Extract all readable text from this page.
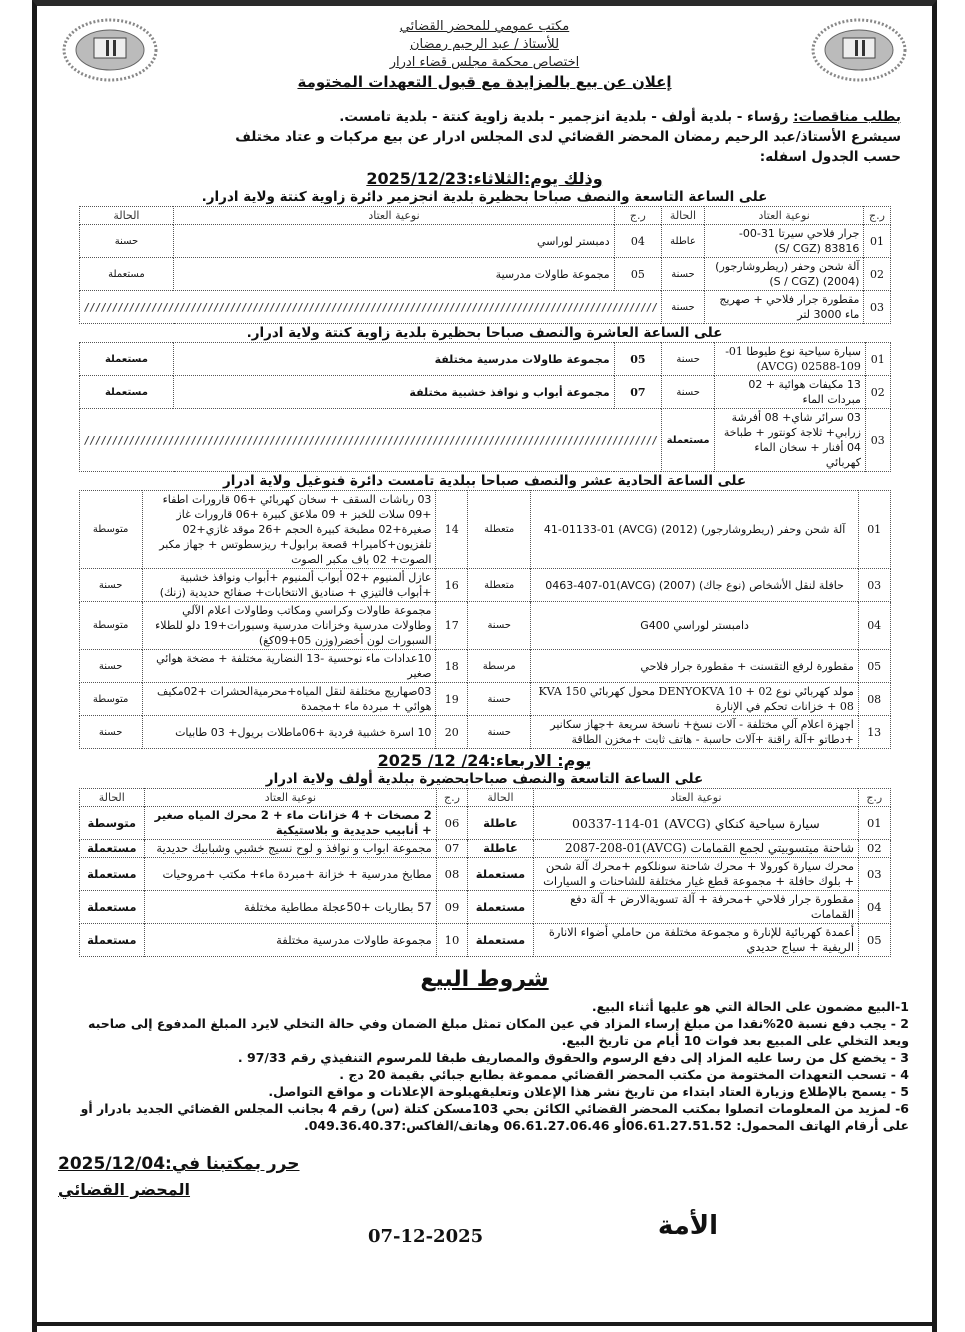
مكتب عمومي للمحضر القضائي
للأستاذ / عبد الرحيم رمضان
اختصاص محكمة مجلس قضاء ادرار
إعلان عن بيع بالمزايدة مع قبول التعهدات المختومة
بطلب مناقصات: رؤساء - بلدية أولف - بلدية انزجمير - بلدية زاوية كنتة - بلدية تامست.
سيشرع الأستاذ/عبد الرحيم رمضان المحضر القضائي لدى المجلس ادرار عن بيع مركبات و عتاد مختلف
حسب الجدول اسفله:
وذلك يوم:الثلاثاء:2025/12/23
على الساعة التاسعة والنصف صباحا بحظيرة بلدية انجزمير دائرة زاوية كنتة ولاية ادرار.
ر.ج	نوعية العتاد	الحالة	ر.ج	نوعية العتاد	الحالة
01	جرار فلاحي سيرتا 31-00-83816 (S/ CGZ)	عاطلة	04	دمبستر لوراسي	حسنة
02	آلة شحن وحفر (ريطروشارجور) (2004) (S / CGZ)	حسنة	05	مجموعة طاولات مدرسية	مستعملة
03	مقطورة جرار فلاحي + صهريج ماء 3000 لتر	حسنة	//////////////////////////////////////////////////////////////////////////////////////////////////////		
على الساعة العاشرة والنصف صباحا بحظيرة بلدية زاوية كنتة ولاية ادرار.
01	سيارة سياحية نوع طيوطا 01-109-02588 (AVCG)	حسنة	05	مجموعة طاولات مدرسية مختلفة	مستعملة
02	13 مكيفات هوائية + 02 مبردات الماء	حسنة	07	مجموعة أبواب و نوافذ خشبية مختلفة	مستعملة
03	03 سرائر شاي+ 08 أفرشة زرابي+ ثلاجة كونتور + طباخة 04 أفنار + سخان الماء كهربائي	مستعملة	//////////////////////////////////////////////////////////////////////////////////////////////////////		
على الساعة الحادية عشر والنصف صباحا ببلدية تامست دائرة فنوغيل ولاية ادرار
01	آلة شحن وحفر (ريطروشارجور) (2012) (AVCG) 41-01133-01	متعطلة	14	03 رباشات السقف + سخان كهربائي +06 قارورات اطفاء +09 سلات للخبز + 09 ملاعق كبيرة +06 قارورات غاز صغيرة+02 مطبخة كبيرة الحجم +26 موقد غازي+02 تلفزيون+كاميرا+ قصعة برابول+ ريزسطوتس + جهاز مكبر الصوت+ 02 باف مكبر الصوت	متوسطة
03	حافلة لنقل الأشخاص (نوع جاك) (2007) (AVCG)0463-407-01	متعطلة	16	عازل ألمنيوم +02 أبواب ألمنيوم +أبواب ونوافذ خشبية +أبواب فالتيزي + صناديق الانتخابات+ صفائح حديدية (زنك)	حسنة
04	دامبستر لوراسي G400	حسنة	17	مجموعة طاولات وكراسي ومكاتب وطاولات اعلام الآلي وطاولات مدرسية وخزانات مدرسية وسبورات+19 دلو للطلاء السبورات لون أخضر(وزن 05+09كغ)	متوسطة
05	مقطورة لرفع التقسنت + مقطورة جرار فلاحي	مرسطة	18	10عدادات ماء نوحسية -13 النضارية مختلفة + مضخة هوائي صغير	حسنة
08	مولد كهربائي نوع DENYOKVA 10 + 02 محول كهربائي KVA 150 + 08 خزانات تحكم في الإنارة	حسنة	19	03صهاريج مختلفة لنقل المياه+محرميةالحشرات +02مكيف هوائي + مبردة ماء +مجمدة	متوسطة
13	اجهزة اعلام آلي مختلفة - آلات نسخ+ ناسخة سريعة +جهاز سكانير +دطاتو +آلة راقنة +آلات حاسبة - هاتف ثابت +مخزن الطاقة	حسنة	20	10 اسرة خشبية فردية +06ماطلات بريول+ 03 طابيات	حسنة
يوم: الاربعاء:24/ 12/ 2025
على الساعة التاسعة والنصف صباحابحضيرة ببلدية أولف ولاية ادرار
ر.ج	نوعية العتاد	الحالة	ر.ج	نوعية العتاد	الحالة
01	سيارة سياحية كنكاي (AVCG) 00337-114-01	عاطلة	06	2 مصخات + 4 خزانات ماء + 2 محرك المياه صغير + أنابيب حديدية و بلاستيكية	متوسطة
02	شاحنة ميتسوبيتي لجمع القمامات (AVCG)2087-208-01	عاطلة	07	مجموعة ابواب و نوافذ و لوح نسيج خشبي وشبابيك حديدية	مستعملة
03	محرك سيارة كورولا + محرك شاحنة سونلكوم +محرك آلة شحن + بلوك حافلة + مجموعة قطع غيار مختلفة للشاحنات و السيارات	مستعملة	08	مطابخ مدرسية + خزانة +مبردة ماء+ مكتب +مروحيات	مستعملة
04	مقطورة جرار فلاحي +محرفة + آلة تسويةالارض + آلة دفع القمامات	مستعملة	09	57 بطاريات +50عجلة مطاطية مختلفة	مستعملة
05	أعمدة كهربائية للإنارة و مجموعة مختلفة من حاملي أضواء الانارة الريفية + سياج حديدي	مستعملة	10	مجموعة طاولات مدرسية مختلفة	مستعملة
شروط البيع

1-البيع مضمون على الحالة التي هو عليها أثناء البيع.

2 - يجب دفع نسبة 20%نقدا من مبلغ إرساء المزاد في عين المكان تمثل مبلغ الضمان وفي حالة التخلي لايرد المبلغ المدفوع إلى صاحبه ويعد التخلي على المبيع بعد فوات 10 أيام من تاريخ البيع.

3 - يخضع كل من رسا عليه المزاد إلى دفع الرسوم والحقوق والمصاريف طبقا للمرسوم التنفيذي رقم 97/33 .

4 - تسحب التعهدات المختومة من مكتب المحضر القضائي ممموغة بطابع جبائي بقيمة 20 دج .

5 - يسمح بالإطلاع وزيارة العتاد ابتداء من تاريخ نشر هذا الإعلان وتعليقهبلوحة الإعلانات و مواقع التواصل.

6- لمزيد من المعلومات اتصلوا بمكتب المحضر القضائي الكائن بحي 103مسكن كتلة (س) رقم 4 بجانب المجلس القضائي الجديد بادرار أو على أرقام الهاتف المحمول: 06.61.27.51.52أو 06.61.27.06.46 وهاتف/الفاكس:049.36.40.37.

حرر بمكتبنا في:2025/12/04
المحضر القضائي
الأمة
07-12-2025
